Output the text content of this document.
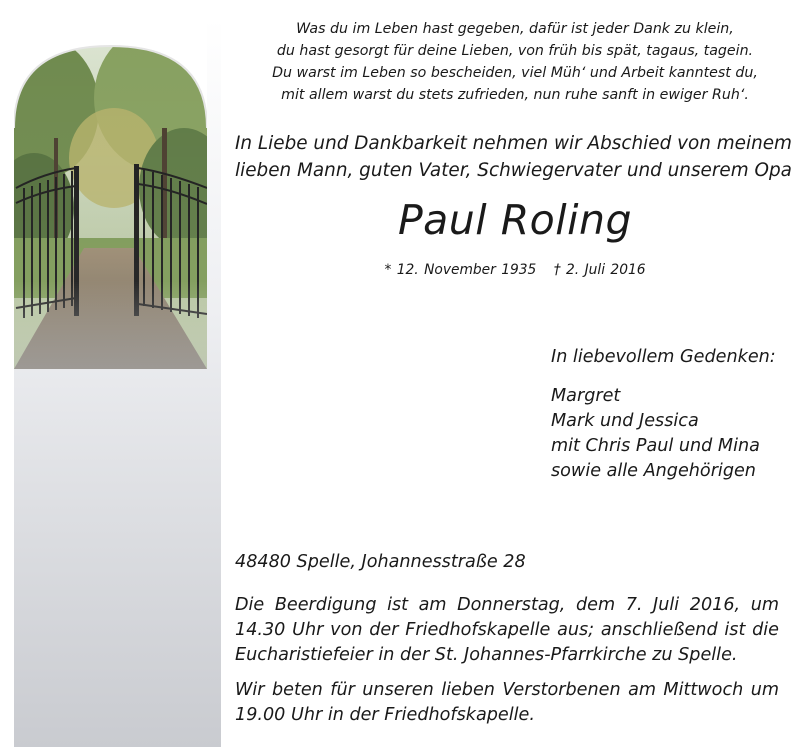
Was du im Leben hast gegeben, dafür ist jeder Dank zu klein,
du hast gesorgt für deine Lieben, von früh bis spät, tagaus, tagein.
Du warst im Leben so bescheiden, viel Müh‘ und Arbeit kanntest du,
mit allem warst du stets zufrieden, nun ruhe sanft in ewiger Ruh‘.
In Liebe und Dankbarkeit nehmen wir Abschied von meinem
lieben Mann, guten Vater, Schwiegervater und unserem Opa
Paul Roling
* 12. November 1935 † 2. Juli 2016
In liebevollem Gedenken:
Margret
Mark und Jessica
mit Chris Paul und Mina
sowie alle Angehörigen
48480 Spelle, Johannesstraße 28
Die Beerdigung ist am Donnerstag, dem 7. Juli 2016, um 14.30 Uhr von der Friedhofskapelle aus; anschließend ist die Eucharistiefeier in der St. Johannes-Pfarrkirche zu Spelle.
Wir beten für unseren lieben Verstorbenen am Mittwoch um 19.00 Uhr in der Friedhofskapelle.
